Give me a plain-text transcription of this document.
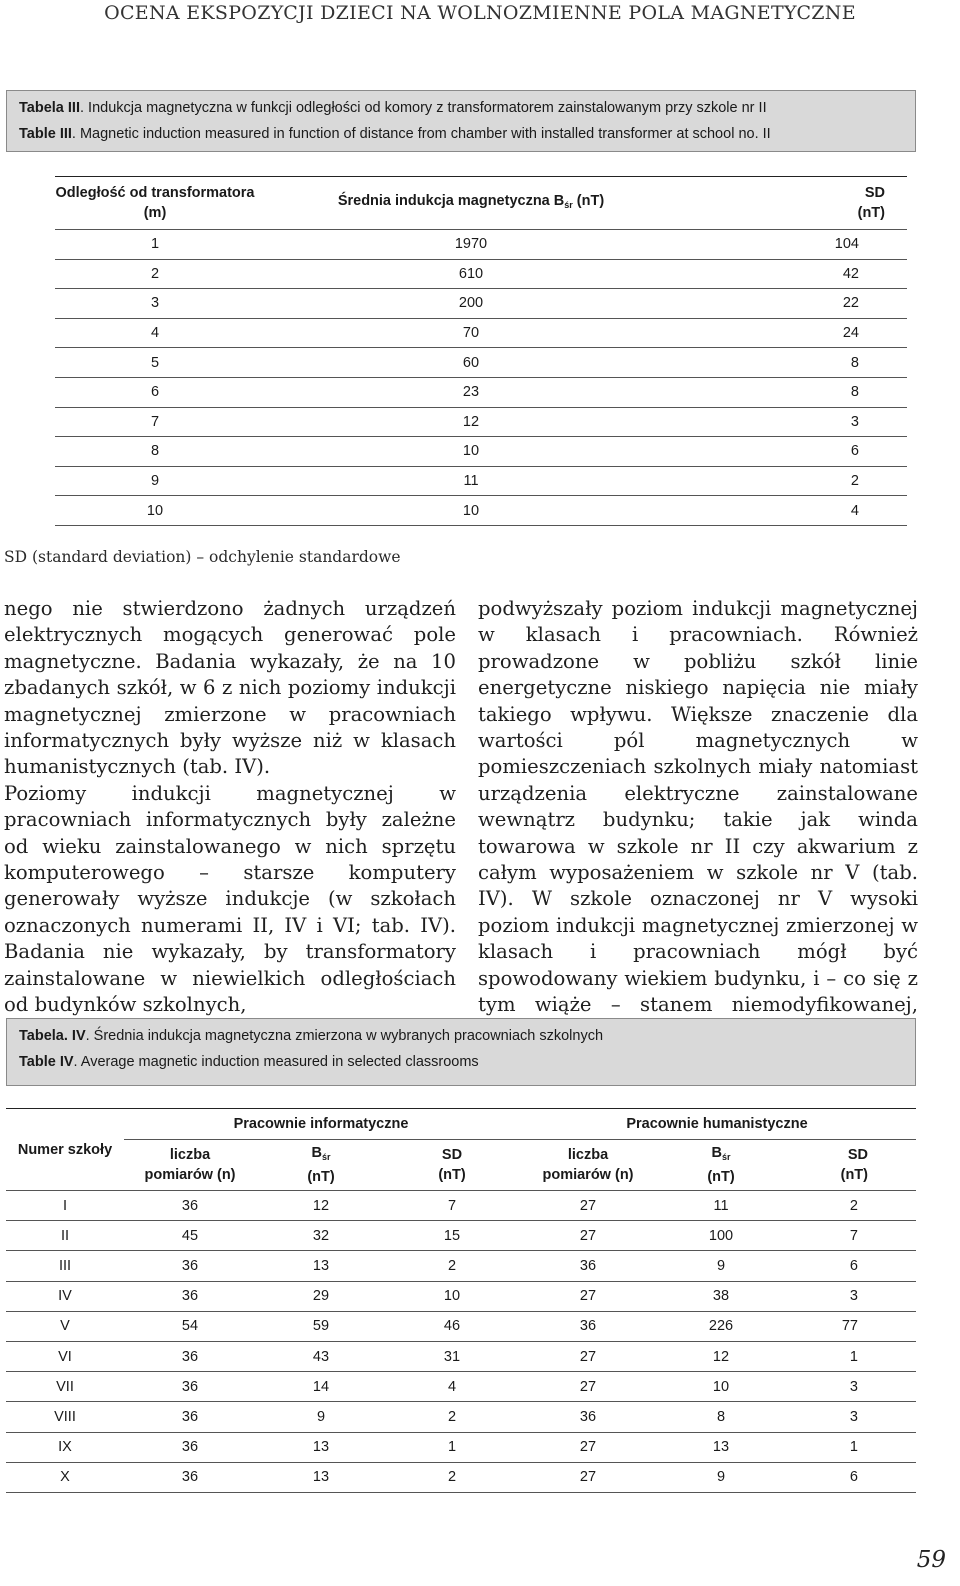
OCENA EKSPOZYCJI DZIECI NA WOLNOZMIENNE POLA MAGNETYCZNE
Tabela III. Indukcja magnetyczna w funkcji odległości od komory z transformatorem zainstalowanym przy szkole nr II
Table III. Magnetic induction measured in function of distance from chamber with installed transformer at school no. II
Odległość od transformatora
(m)	Średnia indukcja magnetyczna $B_{śr}$ (nT)	SD
(nT)
1	1970	104
2	610	42
3	200	22
4	70	24
5	60	8
6	23	8
7	12	3
8	10	6
9	11	2
10	10	4
SD (standard deviation) – odchylenie standardowe

nego nie stwierdzono żadnych urządzeń elektrycznych mogących generować pole magnetyczne. Badania wykazały, że na 10 zbadanych szkół, w 6 z nich poziomy indukcji magnetycznej zmierzone w pracowniach informatycznych były wyższe niż w klasach humanistycznych (tab. IV).

Poziomy indukcji magnetycznej w pracowniach informatycznych były zależne od wieku zainstalowanego w nich sprzętu komputerowego – starsze komputery generowały wyższe indukcje (w szkołach oznaczonych numerami II, IV i VI; tab. IV). Badania nie wykazały, by transformatory zainstalowane w niewielkich odległościach od budynków szkolnych,

podwyższały poziom indukcji magnetycznej w klasach i pracowniach. Również prowadzone w pobliżu szkół linie energetyczne niskiego napięcia nie miały takiego wpływu. Większe znaczenie dla wartości pól magnetycznych w pomieszczeniach szkolnych miały natomiast urządzenia elektryczne zainstalowane wewnątrz budynku; takie jak winda towarowa w szkole nr II czy akwarium z całym wyposażeniem w szkole nr V (tab. IV). W szkole oznaczonej nr V wysoki poziom indukcji magnetycznej zmierzonej w klasach i pracowniach mógł być spowodowany wiekiem budynku, i – co się z tym wiąże – stanem niemodyfikowanej,

Tabela. IV. Średnia indukcja magnetyczna zmierzona w wybranych pracowniach szkolnych
Table IV. Average magnetic induction measured in selected classrooms
Numer szkoły	Pracownie informatyczne			Pracownie humanistyczne		
	liczba
pomiarów (n)	$B_{śr}$
(nT)	SD
(nT)	liczba
pomiarów (n)	$B_{śr}$
(nT)	SD
(nT)
I	36	12	7	27	11	2
II	45	32	15	27	100	7
III	36	13	2	36	9	6
IV	36	29	10	27	38	3
V	54	59	46	36	226	77
VI	36	43	31	27	12	1
VII	36	14	4	27	10	3
VIII	36	9	2	36	8	3
IX	36	13	1	27	13	1
X	36	13	2	27	9	6
59
